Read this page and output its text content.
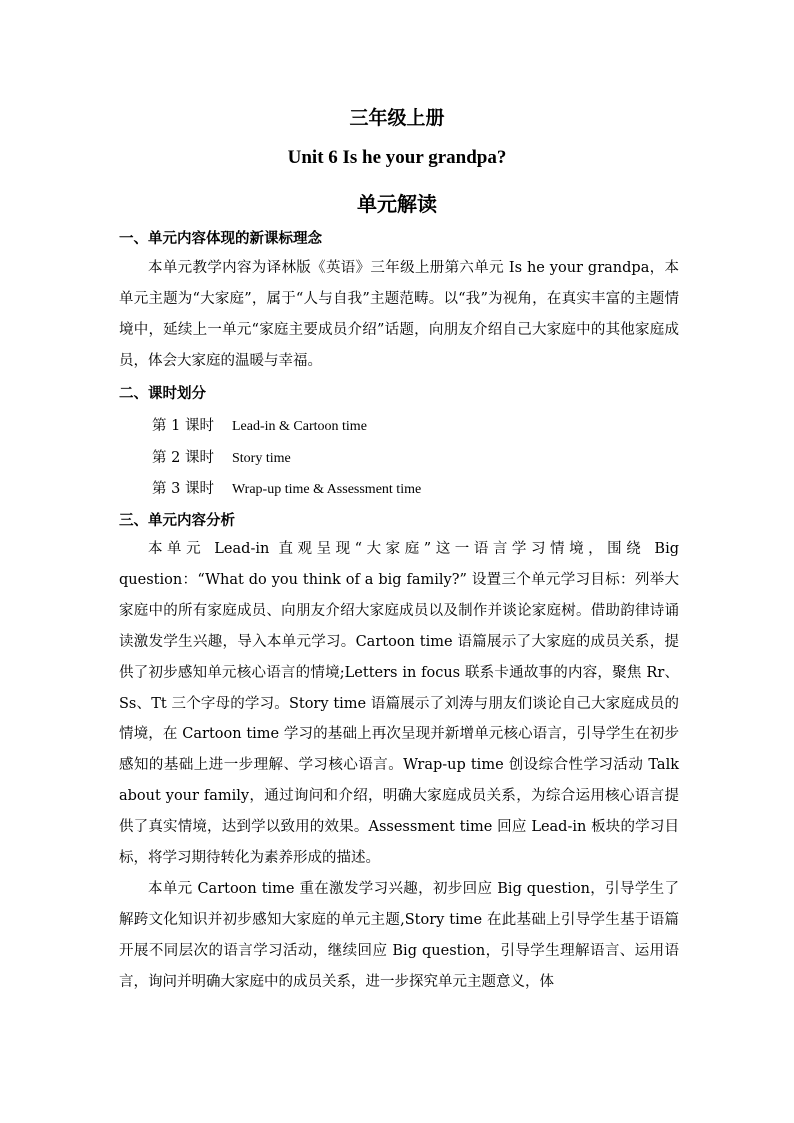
三年级上册
Unit 6 Is he your grandpa?
单元解读
一、单元内容体现的新课标理念
本单元教学内容为译林版《英语》三年级上册第六单元 Is he your grandpa，本单元主题为“大家庭”，属于“人与自我”主题范畴。以“我”为视角，在真实丰富的主题情境中，延续上一单元“家庭主要成员介绍”话题，向朋友介绍自己大家庭中的其他家庭成员，体会大家庭的温暖与幸福。
二、课时划分
第 1 课时 Lead-in & Cartoon time
第 2 课时 Story time
第 3 课时 Wrap-up time & Assessment time
三、单元内容分析
本单元 Lead-in 直观呈现“大家庭”这一语言学习情境，围绕 Big question：“What do you think of a big family?” 设置三个单元学习目标：列举大家庭中的所有家庭成员、向朋友介绍大家庭成员以及制作并谈论家庭树。借助韵律诗诵读激发学生兴趣，导入本单元学习。Cartoon time 语篇展示了大家庭的成员关系，提供了初步感知单元核心语言的情境;Letters in focus 联系卡通故事的内容，聚焦 Rr、Ss、Tt 三个字母的学习。Story time 语篇展示了刘涛与朋友们谈论自己大家庭成员的情境，在 Cartoon time 学习的基础上再次呈现并新增单元核心语言，引导学生在初步感知的基础上进一步理解、学习核心语言。Wrap-up time 创设综合性学习活动 Talk about your family，通过询问和介绍，明确大家庭成员关系，为综合运用核心语言提供了真实情境，达到学以致用的效果。Assessment time 回应 Lead-in 板块的学习目标，将学习期待转化为素养形成的描述。
本单元 Cartoon time 重在激发学习兴趣，初步回应 Big question，引导学生了解跨文化知识并初步感知大家庭的单元主题,Story time 在此基础上引导学生基于语篇开展不同层次的语言学习活动，继续回应 Big question，引导学生理解语言、运用语言，询问并明确大家庭中的成员关系，进一步探究单元主题意义，体
